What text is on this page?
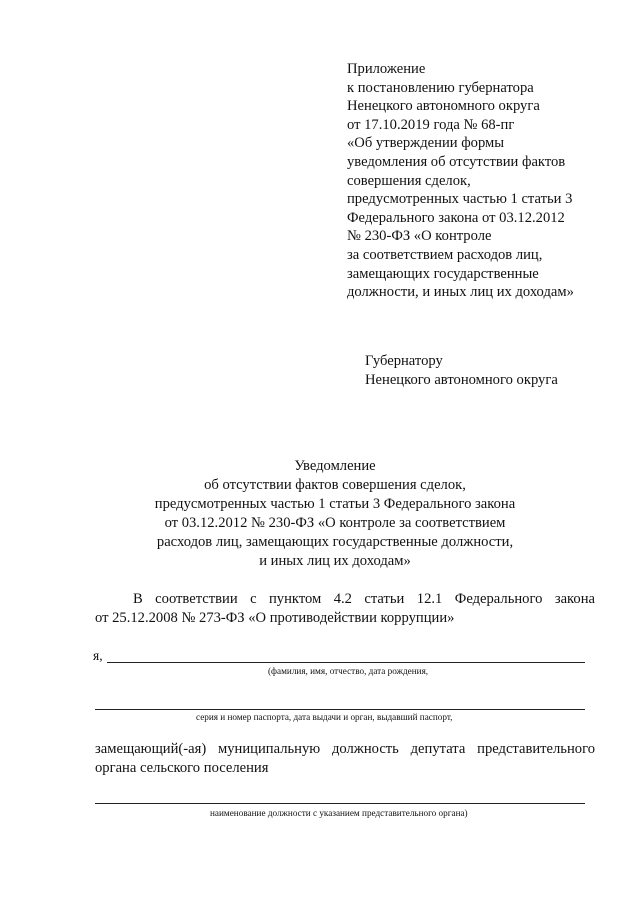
Приложение
к постановлению губернатора
Ненецкого автономного округа
от 17.10.2019 года № 68-пг
«Об утверждении формы
уведомления об отсутствии фактов
совершения сделок,
предусмотренных частью 1 статьи 3
Федерального закона от 03.12.2012
№ 230-ФЗ «О контроле
за соответствием расходов лиц,
замещающих государственные
должности, и иных лиц их доходам»
Губернатору
Ненецкого автономного округа
Уведомление
об отсутствии фактов совершения сделок,
предусмотренных частью 1 статьи 3 Федерального закона
от 03.12.2012 № 230-ФЗ «О контроле за соответствием
расходов лиц, замещающих государственные должности,
и иных лиц их доходам»
В соответствии с пунктом 4.2 статьи 12.1 Федерального закона
от 25.12.2008 № 273-ФЗ «О противодействии коррупции»
я,
(фамилия, имя, отчество, дата рождения,
серия и номер паспорта, дата выдачи и орган, выдавший паспорт,
замещающий(-ая) муниципальную должность депутата представительного
органа сельского поселения
наименование должности с указанием представительного органа)
